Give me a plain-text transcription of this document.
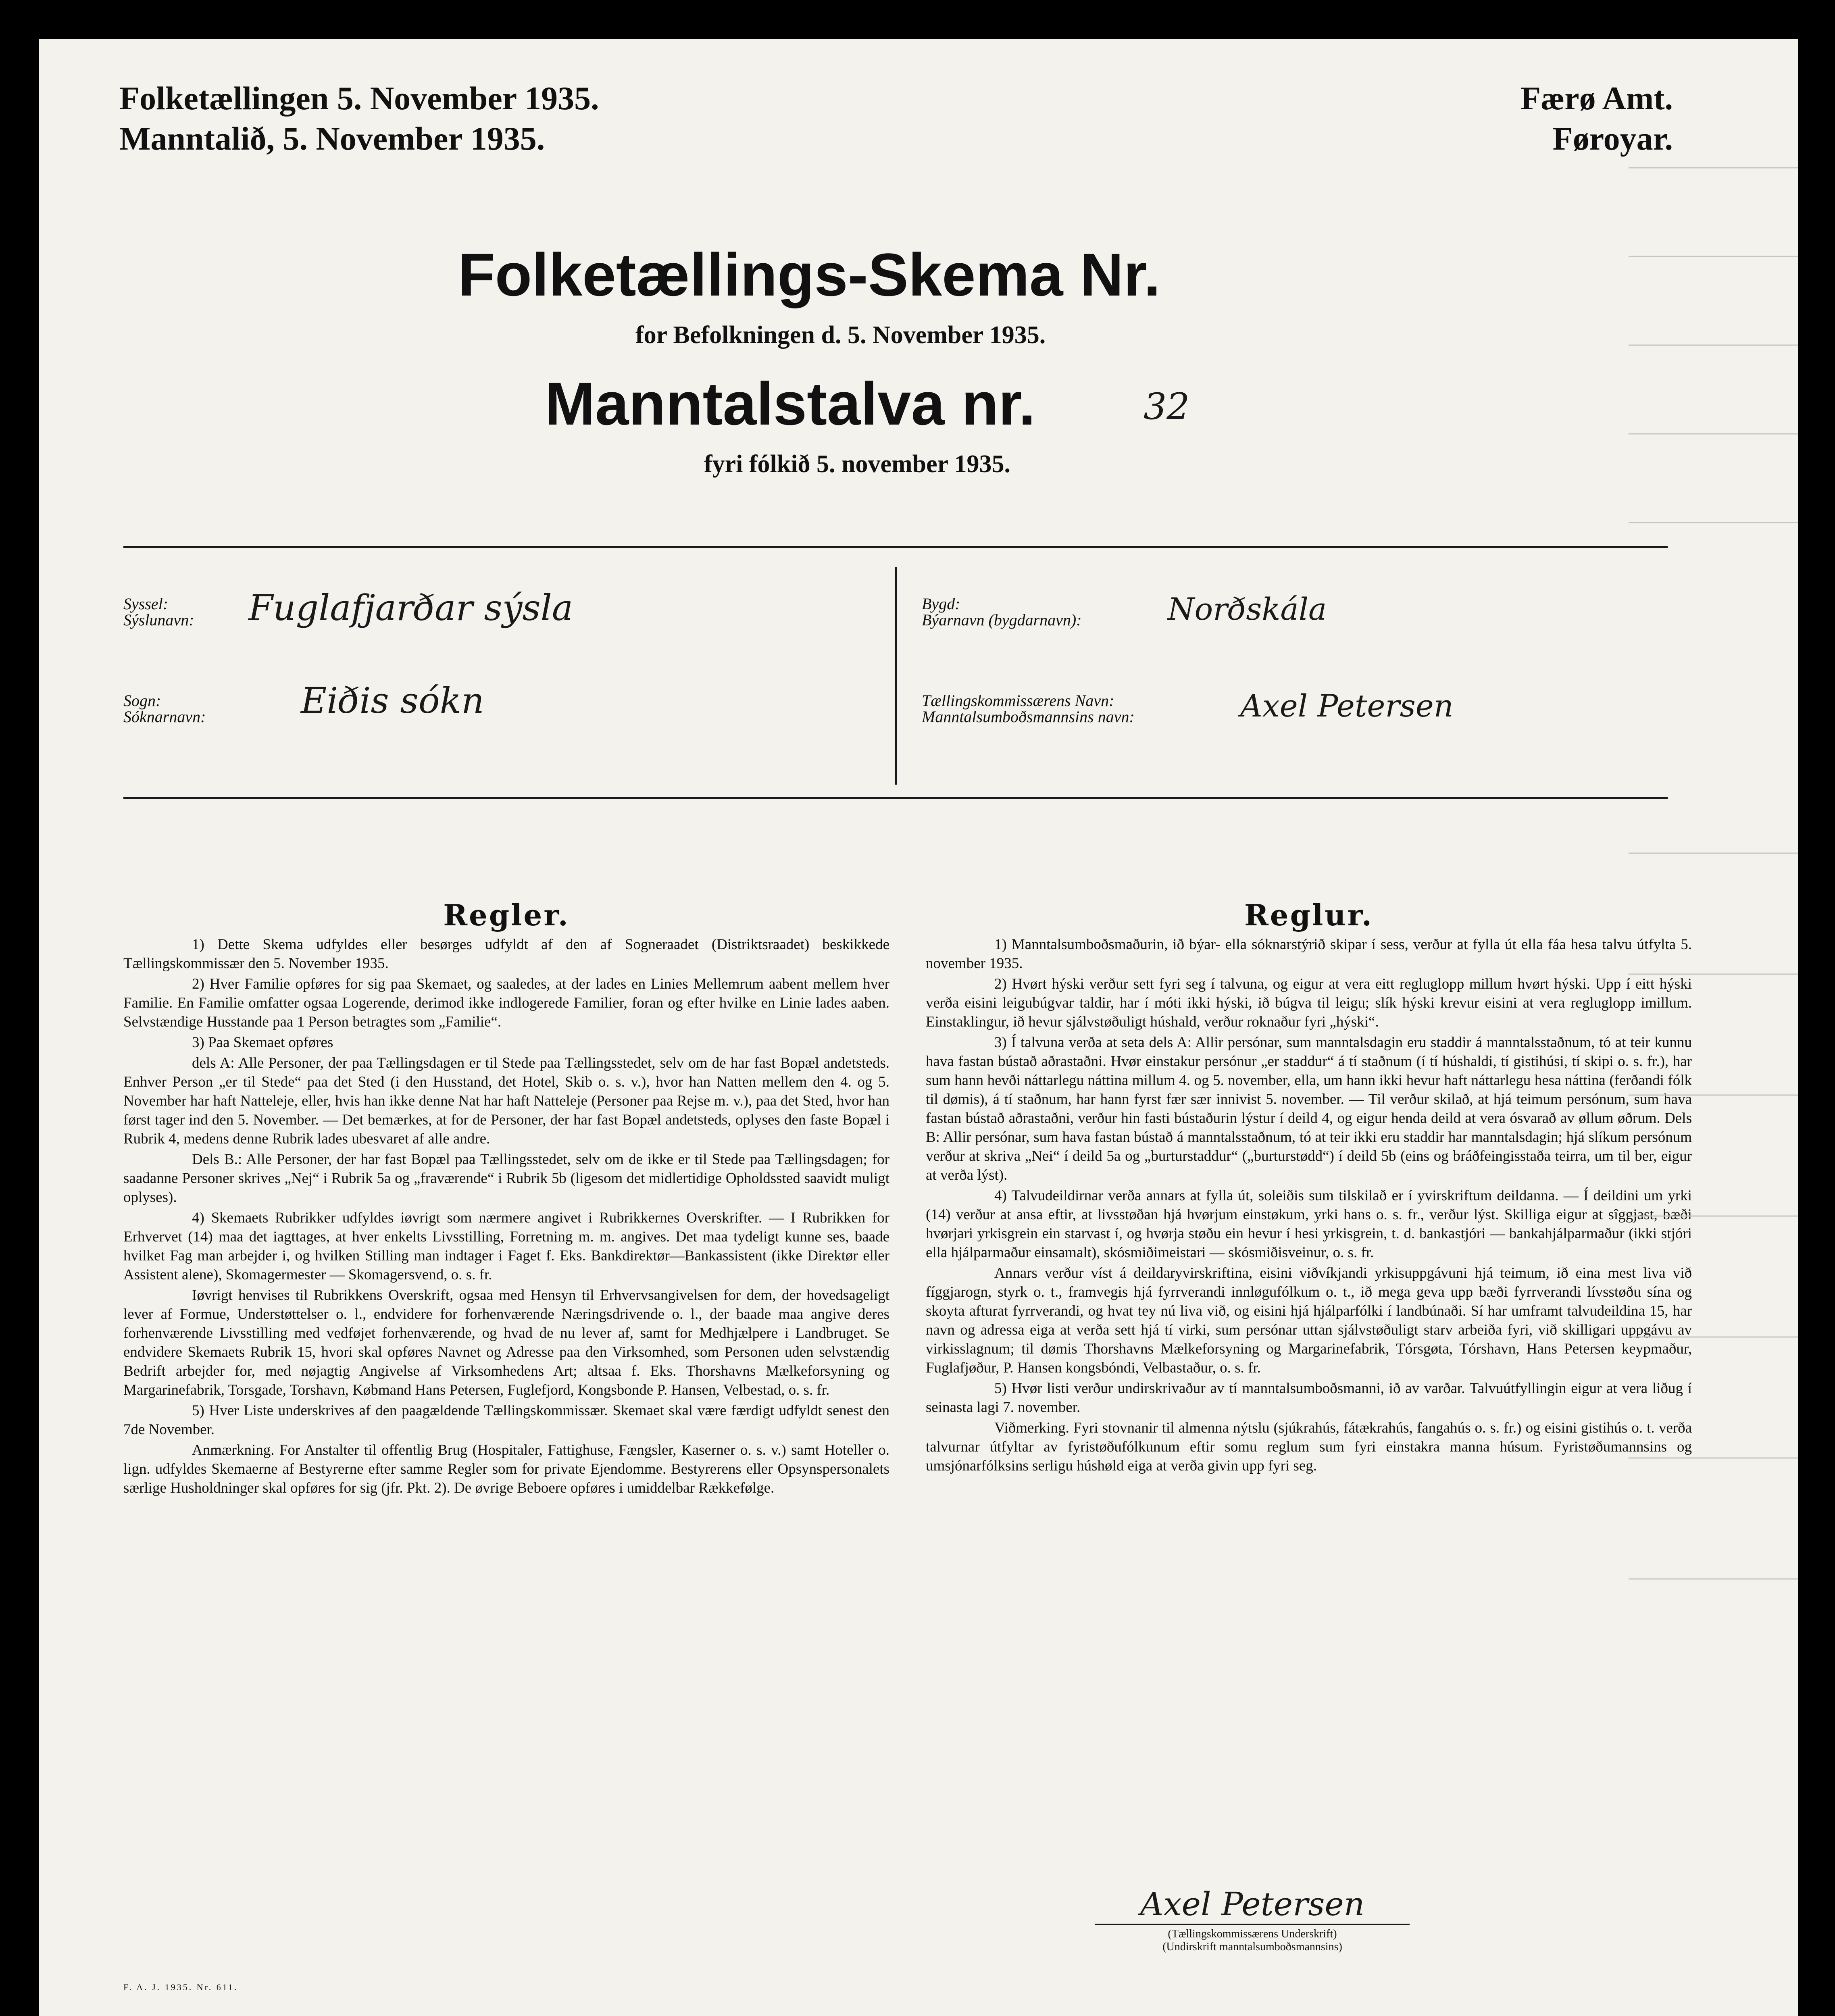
Folketællingen 5. November 1935.
Manntalið, 5. November 1935.
Færø Amt.
Føroyar.
Folketællings-Skema Nr.
for Befolkningen d. 5. November 1935.
Manntalstalva nr.	32
fyri fólkið 5. november 1935.
Syssel:
Sýslunavn: Fuglafjarðar sýsla
Sogn:
Sóknarnavn:	Eiðis sókn
Bygd:
Býarnavn (bygdarnavn):	Norðskála
Tællingskommissærens Navn:
Manntalsumboðsmannsins navn:	Axel Petersen
Regler.

1) Dette Skema udfyldes eller besørges udfyldt af den af Sogneraadet (Distriktsraadet) beskikkede Tællingskommissær den 5. November 1935.

2) Hver Familie opføres for sig paa Skemaet, og saaledes, at der lades en Linies Mellemrum aabent mellem hver Familie. En Familie omfatter ogsaa Logerende, derimod ikke indlogerede Familier, foran og efter hvilke en Linie lades aaben. Selvstændige Husstande paa 1 Person betragtes som „Familie“.

3) Paa Skemaet opføres

dels A: Alle Personer, der paa Tællingsdagen er til Stede paa Tællingsstedet, selv om de har fast Bopæl andetsteds. Enhver Person „er til Stede“ paa det Sted (i den Husstand, det Hotel, Skib o. s. v.), hvor han Natten mellem den 4. og 5. November har haft Natteleje, eller, hvis han ikke denne Nat har haft Natteleje (Personer paa Rejse m. v.), paa det Sted, hvor han først tager ind den 5. November. — Det bemærkes, at for de Personer, der har fast Bopæl andetsteds, oplyses den faste Bopæl i Rubrik 4, medens denne Rubrik lades ubesvaret af alle andre.

Dels B.: Alle Personer, der har fast Bopæl paa Tællingsstedet, selv om de ikke er til Stede paa Tællingsdagen; for saadanne Personer skrives „Nej“ i Rubrik 5a og „fraværende“ i Rubrik 5b (ligesom det midlertidige Opholdssted saavidt muligt oplyses).

4) Skemaets Rubrikker udfyldes iøvrigt som nærmere angivet i Rubrikkernes Overskrifter. — I Rubrikken for Erhvervet (14) maa det iagttages, at hver enkelts Livsstilling, Forretning m. m. angives. Det maa tydeligt kunne ses, baade hvilket Fag man arbejder i, og hvilken Stilling man indtager i Faget f. Eks. Bankdirektør—Bankassistent (ikke Direktør eller Assistent alene), Skomagermester — Skomagersvend, o. s. fr.

Iøvrigt henvises til Rubrikkens Overskrift, ogsaa med Hensyn til Erhvervsangivelsen for dem, der hovedsageligt lever af Formue, Understøttelser o. l., endvidere for forhenværende Næringsdrivende o. l., der baade maa angive deres forhenværende Livsstilling med vedføjet forhenværende, og hvad de nu lever af, samt for Medhjælpere i Landbruget. Se endvidere Skemaets Rubrik 15, hvori skal opføres Navnet og Adresse paa den Virksomhed, som Personen uden selvstændig Bedrift arbejder for, med nøjagtig Angivelse af Virksomhedens Art; altsaa f. Eks. Thorshavns Mælkeforsyning og Margarinefabrik, Torsgade, Torshavn, Købmand Hans Petersen, Fuglefjord, Kongsbonde P. Hansen, Velbestad, o. s. fr.

5) Hver Liste underskrives af den paagældende Tællingskommissær. Skemaet skal være færdigt udfyldt senest den 7de November.

Anmærkning. For Anstalter til offentlig Brug (Hospitaler, Fattighuse, Fængsler, Kaserner o. s. v.) samt Hoteller o. lign. udfyldes Skemaerne af Bestyrerne efter samme Regler som for private Ejendomme. Bestyrerens eller Opsynspersonalets særlige Husholdninger skal opføres for sig (jfr. Pkt. 2). De øvrige Beboere opføres i umiddelbar Rækkefølge.

Reglur.

1) Manntalsumboðsmaðurin, ið býar- ella sóknarstýrið skipar í sess, verður at fylla út ella fáa hesa talvu útfylta 5. november 1935.

2) Hvørt hýski verður sett fyri seg í talvuna, og eigur at vera eitt regluglopp millum hvørt hýski. Upp í eitt hýski verða eisini leigubúgvar taldir, har í móti ikki hýski, ið búgva til leigu; slík hýski krevur eisini at vera regluglopp imillum. Einstaklingur, ið hevur sjálvstøðuligt húshald, verður roknaður fyri „hýski“.

3) Í talvuna verða at seta dels A: Allir persónar, sum manntalsdagin eru staddir á manntalsstaðnum, tó at teir kunnu hava fastan bústað aðrastaðni. Hvør einstakur persónur „er staddur“ á tí staðnum (í tí húshaldi, tí gistihúsi, tí skipi o. s. fr.), har sum hann hevði náttarlegu náttina millum 4. og 5. november, ella, um hann ikki hevur haft náttarlegu hesa náttina (ferðandi fólk til dømis), á tí staðnum, har hann fyrst fær sær innivist 5. november. — Til verður skilað, at hjá teimum persónum, sum hava fastan bústað aðrastaðni, verður hin fasti bústaðurin lýstur í deild 4, og eigur henda deild at vera ósvarað av øllum øðrum. Dels B: Allir persónar, sum hava fastan bústað á manntalsstaðnum, tó at teir ikki eru staddir har manntalsdagin; hjá slíkum persónum verður at skriva „Nei“ í deild 5a og „burturstaddur“ („burturstødd“) í deild 5b (eins og bráðfeingisstaða teirra, um til ber, eigur at verða lýst).

4) Talvudeildirnar verða annars at fylla út, soleiðis sum tilskilað er í yvirskriftum deildanna. — Í deildini um yrki (14) verður at ansa eftir, at livsstøðan hjá hvørjum einstøkum, yrki hans o. s. fr., verður lýst. Skilliga eigur at sîggjast, bæði hvørjari yrkisgrein ein starvast í, og hvørja støðu ein hevur í hesi yrkisgrein, t. d. bankastjóri — bankahjálparmaður (ikki stjóri ella hjálparmaður einsamalt), skósmiðimeistari — skósmiðisveinur, o. s. fr.

Annars verður víst á deildaryvirskriftina, eisini viðvíkjandi yrkisuppgávuni hjá teimum, ið eina mest liva við fíggjarogn, styrk o. t., framvegis hjá fyrrverandi innløgufólkum o. t., ið mega geva upp bæði fyrrverandi lívsstøðu sína og skoyta afturat fyrrverandi, og hvat tey nú liva við, og eisini hjá hjálparfólki í landbúnaði. Sí har umframt talvudeildina 15, har navn og adressa eiga at verða sett hjá tí virki, sum persónar uttan sjálvstøðuligt starv arbeiða fyri, við skilligari uppgávu av virkisslagnum; til dømis Thorshavns Mælkeforsyning og Margarinefabrik, Tórsgøta, Tórshavn, Hans Petersen keypmaður, Fuglafjøður, P. Hansen kongsbóndi, Velbastaður, o. s. fr.

5) Hvør listi verður undirskrivaður av tí manntalsumboðsmanni, ið av varðar. Talvuútfyllingin eigur at vera liðug í seinasta lagi 7. november.

Viðmerking. Fyri stovnanir til almenna nýtslu (sjúkrahús, fátækrahús, fangahús o. s. fr.) og eisini gistihús o. t. verða talvurnar útfyltar av fyristøðufólkunum eftir somu reglum sum fyri einstakra manna húsum. Fyristøðumannsins og umsjónarfólksins serligu húshøld eiga at verða givin upp fyri seg.

Axel Petersen
(Tællingskommissærens Underskrift)
(Undirskrift manntalsumboðsmannsins)
F. A. J. 1935. Nr. 611.
